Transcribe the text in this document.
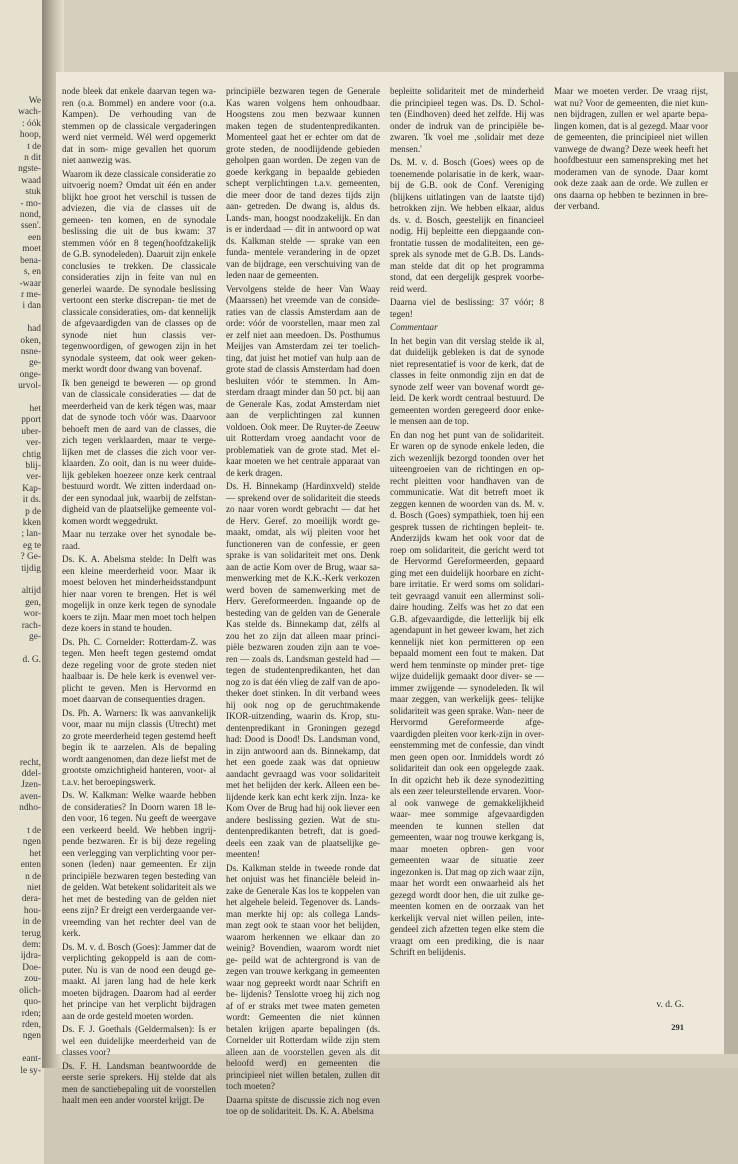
We

wach-

: óók

hoop,

t de

n dit

ngste-

waad

stuk

- mo-

nond,

ssen'.

een

moet

bena-

s, en

-waar

r me-

i dan

had

oken,

nsne-

ge-

onge-

urvol-

het

pport

uber-

ver-

chtig

blij-

ver-

Kap-

it ds.

p de

kken

; lan-

eg te

? Ge-

tijdig

altijd

gen,

wor-

rach-

ge-

d. G.

recht,

ddel-

Jzen-

aven-

ndho-

t de

ngen

het

enten

n de

niet

dera-

hou-

in de

terug

dem:

ijdra-

Doe-

zou-

olich-

quo-

rden;

rden,

ngen

eant-

le sy-

node bleek dat enkele daarvan tegen wa- ren (o.a. Bommel) en andere voor (o.a. Kampen). De verhouding van de stemmen op de classicale vergaderingen werd niet vermeld. Wél werd opgemerkt dat in som- mige gevallen het quorum niet aanwezig was.

Waarom ik deze classicale consideratie zo uitvoerig noem? Omdat uit één en ander blijkt hoe groot het verschil is tussen de adviezen, die via de classes uit de gemeen- ten komen, en de synodale beslissing die uit de bus kwam: 37 stemmen vóór en 8 tegen(hoofdzakelijk de G.B. synodeleden). Daaruit zijn enkele conclusies te trekken. De classicale consideraties zijn in feite van nul en generlei waarde. De synodale beslissing vertoont een sterke discrepan- tie met de classicale consideraties, om- dat kennelijk de afgevaardigden van de classes op de synode niet hun classis ver- tegenwoordigen, of gewogen zijn in het synodale systeem, dat ook weer geken- merkt wordt door dwang van bovenaf.

Ik ben geneigd te beweren — op grond van de classicale consideraties — dat de meerderheid van de kerk tégen was, maar dat de synode toch vóór was. Daarvoor behoeft men de aard van de classes, die zich tegen verklaarden, maar te verge- lijken met de classes die zich voor ver- klaarden. Zo ooit, dan is nu weer duide- lijk gebleken hoezeer onze kerk centraal bestuurd wordt. We zitten inderdaad on- der een synodaal juk, waarbij de zelfstan- digheid van de plaatselijke gemeente vol- komen wordt weggedrukt.

Maar nu terzake over het synodale be- raad.

Ds. K. A. Abelsma stelde: In Delft was een kleine meerderheid voor. Maar ik moest beloven het minderheidsstandpunt hier naar voren te brengen. Het is wél mogelijk in onze kerk tegen de synodale koers te zijn. Maar men moet toch helpen deze koers in stand te houden.

Ds. Ph. C. Cornelder: Rotterdam-Z. was tegen. Men heeft tegen gestemd omdat deze regeling voor de grote steden niet haalbaar is. De hele kerk is evenwel ver- plicht te geven. Men is Hervormd en moet daarvan de consequenties dragen.

Ds. Ph. A. Warners: Ik was aanvankelijk voor, maar nu mijn classis (Utrecht) met zo grote meerderheid tegen gestemd heeft begin ik te aarzelen. Als de bepaling wordt aangenomen, dan deze liefst met de grootste omzichtigheid hanteren, voor- al t.a.v. het beroepingswerk.

Ds. W. Kalkman: Welke waarde hebben de consideraties? In Doorn waren 18 le- den voor, 16 tegen. Nu geeft de weergave een verkeerd beeld. We hebben ingrij- pende bezwaren. Er is bij deze regeling een verlegging van verplichting voor per- sonen (leden) naar gemeenten. Er zijn principiële bezwaren tegen besteding van de gelden. Wat betekent solidariteit als we het met de besteding van de gelden niet eens zijn? Er dreigt een verdergaande ver- vreemding van het rechter deel van de kerk.

Ds. M. v. d. Bosch (Goes): Jammer dat de verplichting gekoppeld is aan de com- puter. Nu is van de nood een deugd ge- maakt. Al jaren lang had de hele kerk moeten bijdragen. Daarom had al eerder het principe van het verplicht bijdragen aan de orde gesteld moeten worden.

Ds. F. J. Goethals (Geldermalsen): Is er wel een duidelijke meerderheid van de classes voor?

Ds. F. H. Landsman beantwoordde de eerste serie sprekers. Hij stelde dat als men de sanctiebepaling uit de voorstellen haalt men een ander voorstel krijgt. De

principiële bezwaren tegen de Generale Kas waren volgens hem onhoudbaar. Hoogstens zou men bezwaar kunnen maken tegen de studentenpredikanten. Momenteel gaat het er echter om dat de grote steden, de noodlijdende gebieden geholpen gaan worden. De zegen van de goede kerkgang in bepaalde gebieden schept verplichtingen t.a.v. gemeenten, die meer door de tand dezes tijds zijn aan- getreden. De dwang is, aldus ds. Lands- man, hoogst noodzakelijk. En dan is er inderdaad — dit in antwoord op wat ds. Kalkman stelde — sprake van een funda- mentele verandering in de opzet van de bijdrage, een verschuiving van de leden naar de gemeenten.

Vervolgens stelde de heer Van Waay (Maarssen) het vreemde van de conside- raties van de classis Amsterdam aan de orde: vóór de voorstellen, maar men zal er zelf niet aan meedoen. Ds. Posthumus Meijjes van Amsterdam zei ter toelich- ting, dat juist het motief van hulp aan de grote stad de classis Amsterdam had doen besluiten vóór te stemmen. In Am- sterdam draagt minder dan 50 pct. bij aan de Generale Kas, zodat Amsterdam niet aan de verplichtingen zal kunnen voldoen. Ook meer. De Ruyter-de Zeeuw uit Rotterdam vroeg aandacht voor de problematiek van de grote stad. Met el- kaar moeten we het centrale apparaat van de kerk dragen.

Ds. H. Binnekamp (Hardinxveld) stelde — sprekend over de solidariteit die steeds zo naar voren wordt gebracht — dat het de Herv. Geref. zo moeilijk wordt ge- maakt, omdat, als wij pleiten voor het functioneren van de confessie, er geen sprake is van solidariteit met ons. Denk aan de actie Kom over de Brug, waar sa- menwerking met de K.K.-Kerk verkozen werd boven de samenwerking met de Herv. Gereformeerden. Ingaande op de besteding van de gelden van de Generale Kas stelde ds. Binnekamp dat, zélfs al zou het zo zijn dat alleen maar princi- piële bezwaren zouden zijn aan te voe- ren — zoals ds. Landsman gesteld had — tegen de studentenpredikanten, het dan nog zo is dat één vlieg de zalf van de apo- theker doet stinken. In dit verband wees hij ook nog op de geruchtmakende IKOR-uitzending, waarin ds. Krop, stu- dentenpredikant in Groningen gezegd had: Dood is Dood! Ds. Landsman vond, in zijn antwoord aan ds. Binnekamp, dat het een goede zaak was dat opnieuw aandacht gevraagd was voor solidariteit met het belijden der kerk. Alleen een be- lijdende kerk kan echt kerk zijn. Inza- ke Kom Over de Brug had hij ook liever een andere beslissing gezien. Wat de stu- dentenpredikanten betreft, dat is goed- deels een zaak van de plaatselijke ge- meenten!

Ds. Kalkman stelde in tweede ronde dat het onjuist was het financiële beleid in- zake de Generale Kas los te koppelen van het algehele beleid. Tegenover ds. Lands- man merkte hij op: als collega Lands- man zegt ook te staan voor het belijden, waarom herkennen we elkaar dan zo weinig? Bovendien, waarom wordt niet ge- peild wat de achtergrond is van de zegen van trouwe kerkgang in gemeenten waar nog gepreekt wordt naar Schrift en be- lijdenis? Tenslotte vroeg hij zich nog af of er straks met twee maten gemeten wordt: Gemeenten die niet kúnnen betalen krijgen aparte bepalingen (ds. Cornelder uit Rotterdam wilde zijn stem alleen aan de voorstellen geven als dit beloofd werd) en gemeenten die principieel niet willen betalen, zullen dit toch moeten?

Daarna spitste de discussie zich nog even toe op de solidariteit. Ds. K. A. Abelsma

bepleitte solidariteit met de minderheid die principieel tegen was. Ds. D. Schol- ten (Eindhoven) deed het zelfde. Hij was onder de indruk van de principiële be- zwaren. 'Ik voel me ‚solidair met deze mensen.'

Ds. M. v. d. Bosch (Goes) wees op de toenemende polarisatie in de kerk, waar- bij de G.B. ook de Conf. Vereniging (blijkens uitlatingen van de laatste tijd) betrokken zijn. We hebben elkaar, aldus ds. v. d. Bosch, geestelijk en financieel nodig. Hij bepleitte een diepgaande con- frontatie tussen de modaliteiten, een ge- sprek als synode met de G.B. Ds. Lands- man stelde dat dit op het programma stond, dat een dergelijk gesprek voorbe- reid werd.

Daarna viel de beslissing: 37 vóór; 8 tegen!

Commentaar

In het begin van dit verslag stelde ik al, dat duidelijk gebleken is dat de synode niet representatief is voor de kerk, dat de classes in feite onmondig zijn en dat de synode zelf weer van bovenaf wordt ge- leid. De kerk wordt centraal bestuurd. De gemeenten worden geregeerd door enke- le mensen aan de top.

En dan nog het punt van de solidariteit. Er waren op de synode enkele leden, die zich wezenlijk bezorgd toonden over het uiteengroeien van de richtingen en op- recht pleitten voor handhaven van de communicatie. Wat dit betreft moet ik zeggen kennen de woorden van ds. M. v. d. Bosch (Goes) sympathiek, toen hij een gesprek tussen de richtingen bepleit- te. Anderzijds kwam het ook voor dat de roep om solidariteit, die gericht werd tot de Hervormd Gereformeerden, gepaard ging met een duidelijk hoorbare en zicht- bare irritatie. Er werd soms om solidari- teit gevraagd vanuit een allerminst soli- daire houding. Zelfs was het zo dat een G.B. afgevaardigde, die letterlijk bij elk agendapunt in het geweer kwam, het zich kennelijk niet kon permitteren op een bepaald moment een fout te maken. Dat werd hem tenminste op minder pret- tige wijze duidelijk gemaakt door diver- se — immer zwijgende — synodeleden. Ik wil maar zeggen, van werkelijk gees- telijke solidariteit was geen sprake. Wan- neer de Hervormd Gereformeerde afge- vaardigden pleiten voor kerk-zijn in over- eenstemming met de confessie, dan vindt men geen open oor. Inmiddels wordt zó solidariteit dan ook een opgelegde zaak. In dit opzicht heb ik deze synodezitting als een zeer teleurstellende ervaren. Voor- al ook vanwege de gemakkelijkheid waar- mee sommige afgevaardigden meenden te kunnen stellen dat gemeenten, waar nog trouwe kerkgang is, maar moeten opbren- gen voor gemeenten waar de situatie zeer ingezonken is. Dat mag op zich waar zijn, maar het wordt een onwaarheid als het gezegd wordt door hen, die uit zulke ge- meenten komen en de oorzaak van het kerkelijk verval niet willen peilen, inte- gendeel zich afzetten tegen elke stem die vraagt om een prediking, die is naar Schrift en belijdenis.

Maar we moeten verder. De vraag rijst, wat nu? Voor de gemeenten, die niet kun- nen bijdragen, zullen er wel aparte bepa- lingen komen, dat is al gezegd. Maar voor de gemeenten, die principieel niet willen vanwege de dwang? Deze week heeft het hoofdbestuur een samenspreking met het moderamen van de synode. Daar komt ook deze zaak aan de orde. We zullen er ons daarna op hebben te bezinnen in bre- der verband.

v. d. G.
291
